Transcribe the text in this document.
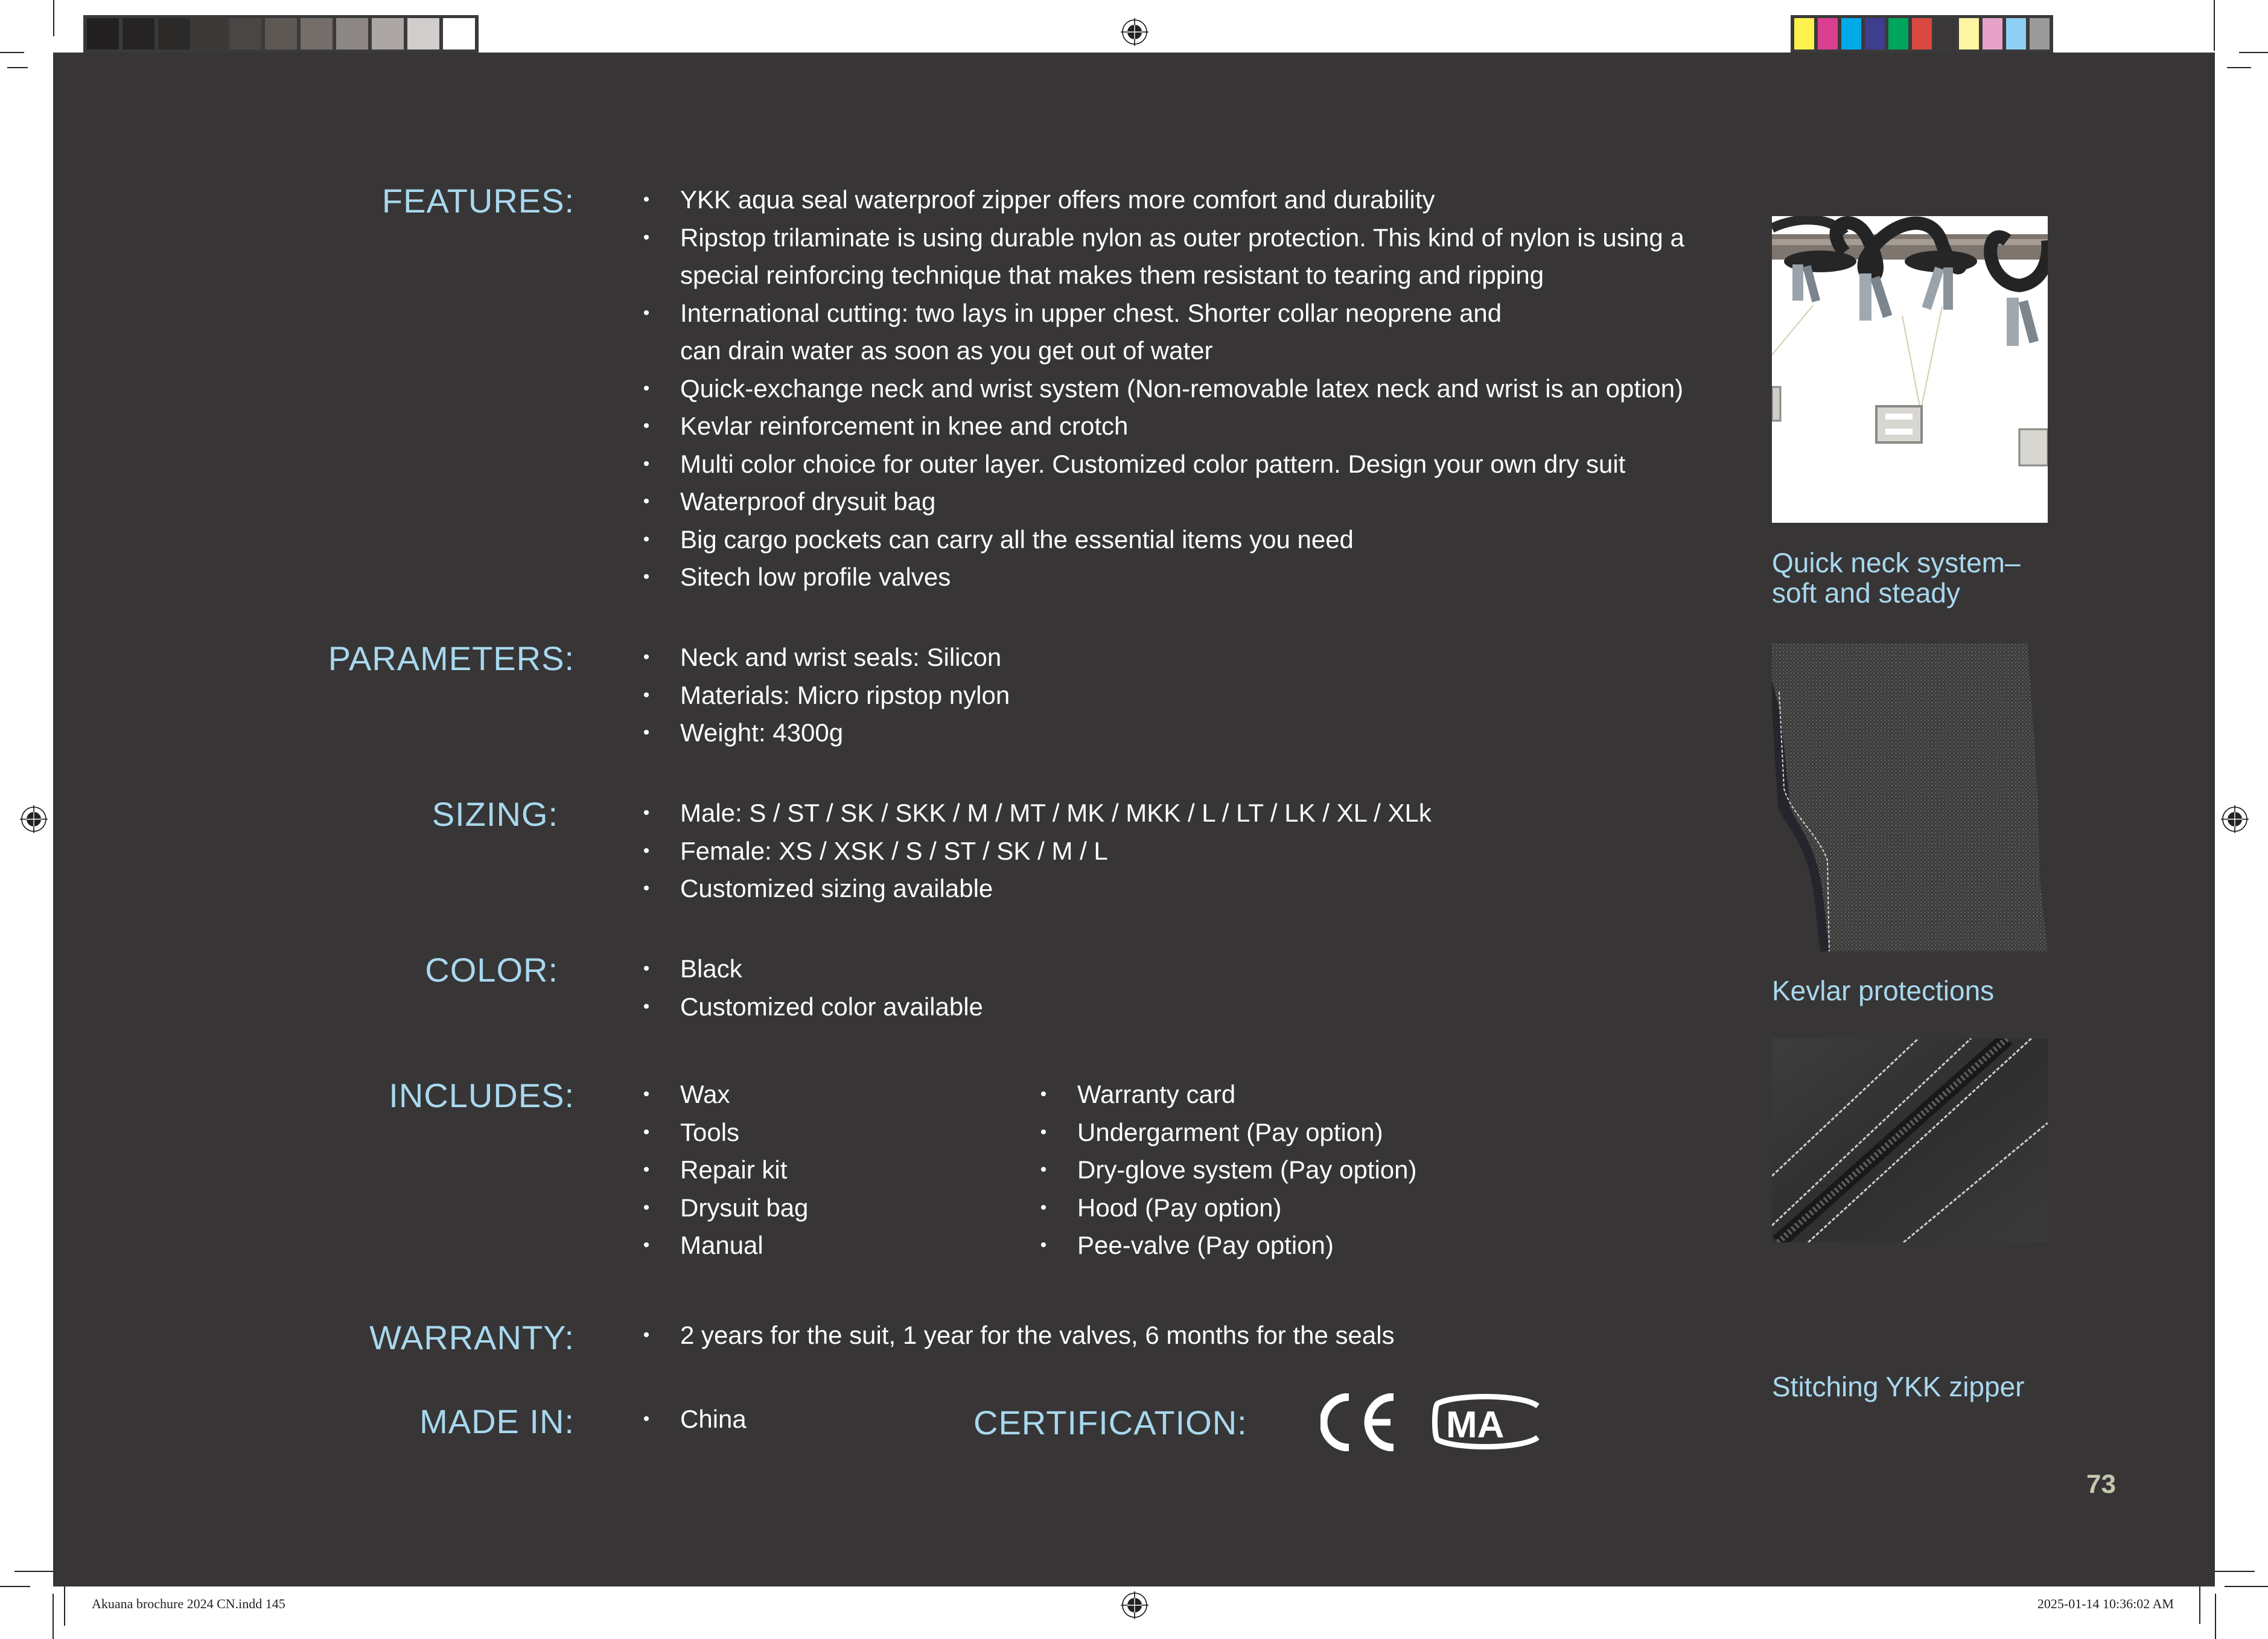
FEATURES:	• YKK aqua seal waterproof zipper offers more comfort and durability
• Ripstop trilaminate is using durable nylon as outer protection. This kind of nylon is using a
special reinforcing technique that makes them resistant to tearing and ripping
• International cutting: two lays in upper chest. Shorter collar neoprene and
can drain water as soon as you get out of water
• Quick-exchange neck and wrist system (Non-removable latex neck and wrist is an option)
• Kevlar reinforcement in knee and crotch
• Multi color choice for outer layer. Customized color pattern. Design your own dry suit
• Waterproof drysuit bag
• Big cargo pockets can carry all the essential items you need
• Sitech low profile valves
PARAMETERS:	• Neck and wrist seals: Silicon
• Materials: Micro ripstop nylon
• Weight: 4300g
SIZING:	• Male: S / ST / SK / SKK / M / MT / MK / MKK / L / LT / LK / XL / XLk
• Female: XS / XSK / S / ST / SK / M / L
• Customized sizing available
COLOR:	• Black
• Customized color available
INCLUDES:	• Wax
• Tools
• Repair kit
• Drysuit bag
• Manual
• Warranty card
• Undergarment (Pay option)
• Dry-glove system (Pay option)
• Hood (Pay option)
• Pee-valve (Pay option)
WARRANTY:	• 2 years for the suit, 1 year for the valves, 6 months for the seals
MADE IN:	• China	CERTIFICATION:	MA
Quick neck system–
soft and steady
Kevlar protections
Stitching YKK zipper
73
Akuana brochure 2024 CN.indd 145	2025-01-14 10:36:02 AM
